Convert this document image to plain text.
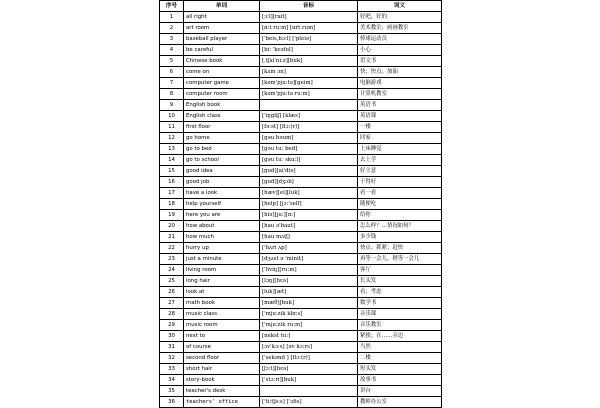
序号	单词	音标	词义
1	all right	[ɔ:l][rait]	好吧，好的
2	art room	[ɑ:t ru:m] [ɑrt rum]	美术教室；画画教室
3	baseball player	['beis,bɔ:l] ['pleiə]	棒球运动员
4	be careful	[bi: 'kɛəful]	小心
5	Chinese book	[,tʃai'ni:z][buk]	语文书
6	come on	[kʌm ɔn]	快；快点；加油
7	computer game	[kəm'pju:tə][geim]	电脑游戏
8	computer room	[kəm'pju:tə ru:m]	计算机教室
9	English book		英语书
10	English class	['iŋgliʃ] [klæs]	英语课
11	first floor	[fə:st] [flɔ:(r)]	一楼
12	go home	[gəu həum]	回家
13	go to bed	[gəu tu: bed]	上床睡觉
14	go to school	[gəu tu: sku:l]	去上学
15	good idea	[gud][ai'diə]	好主意
16	good job	[gud][dʒɔb]	干得好
17	have a look	[hæv][ei][luk]	看一看
18	help yourself	[help] [jɔ:'self]	随便吃
19	here you are	[hiə][ju:][ɑ:]	给你
20	how about	[hau ə'baut]	怎么样？…情况如何？
21	how much	[hau mʌtʃ]	多少钱
22	hurry up	['hʌri ʌp]	快点；抓紧；赶快
23	just a minute	[dʒʌst ə 'minit]	再等一会儿，稍等一会儿
24	living room	['liviŋ][ru:m]	客厅
25	long hair	[lɔŋ][hɛə]	长头发
26	look at	[luk][æt]	看；考虑
27	math book	[mæθ][buk]	数学书
28	music class	['mju:zik klɑ:s]	音乐课
29	music room	['mju:zik ru:m]	音乐教室
30	next to	[nekst tu:]	紧挨；在……旁边
31	of course	[ɔv'kɔ:s] [əv kɔ:rs]	当然
32	second floor	['sekənd ] [flɔ:(r)]	二楼
33	short hair	[ʃɔ:t][hɛə]	短头发
34	story-book	['stɔ:ri][buk]	故事书
35	teacher's desk		讲台
36	teachers' office	['ti:tʃə:s] ['ɔfis]	教师办公室
